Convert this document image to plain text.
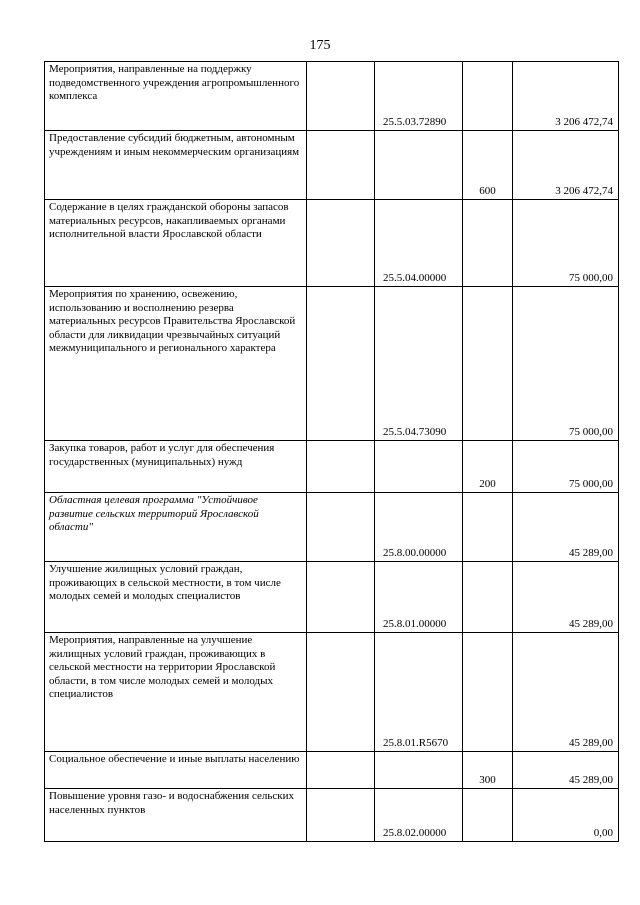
175
Мероприятия, направленные на поддержку подведомственного учреждения агропромышленного комплекса		25.5.03.72890		3 206 472,74

Предоставление субсидий бюджетным, автономным учреждениям и иным некоммерческим организациям			600	3 206 472,74

Содержание в целях гражданской обороны запасов материальных ресурсов, накапливаемых органами исполнительной власти Ярославской области		25.5.04.00000		75 000,00

Мероприятия по хранению, освежению, использованию и восполнению резерва материальных ресурсов Правительства Ярославской области для ликвидации чрезвычайных ситуаций межмуниципального и регионального характера		25.5.04.73090		75 000,00

Закупка товаров, работ и услуг для обеспечения государственных (муниципальных) нужд			200	75 000,00

Областная целевая программа "Устойчивое развитие сельских территорий Ярославской области"		25.8.00.00000		45 289,00

Улучшение жилищных условий граждан, проживающих в сельской местности, в том числе молодых семей и молодых специалистов		25.8.01.00000		45 289,00

Мероприятия, направленные на улучшение жилищных условий граждан, проживающих в сельской местности на территории Ярославской области, в том числе молодых семей и молодых специалистов		25.8.01.R5670		45 289,00

Социальное обеспечение и иные выплаты населению			300	45 289,00

Повышение уровня газо- и водоснабжения сельских населенных пунктов		25.8.02.00000		0,00
